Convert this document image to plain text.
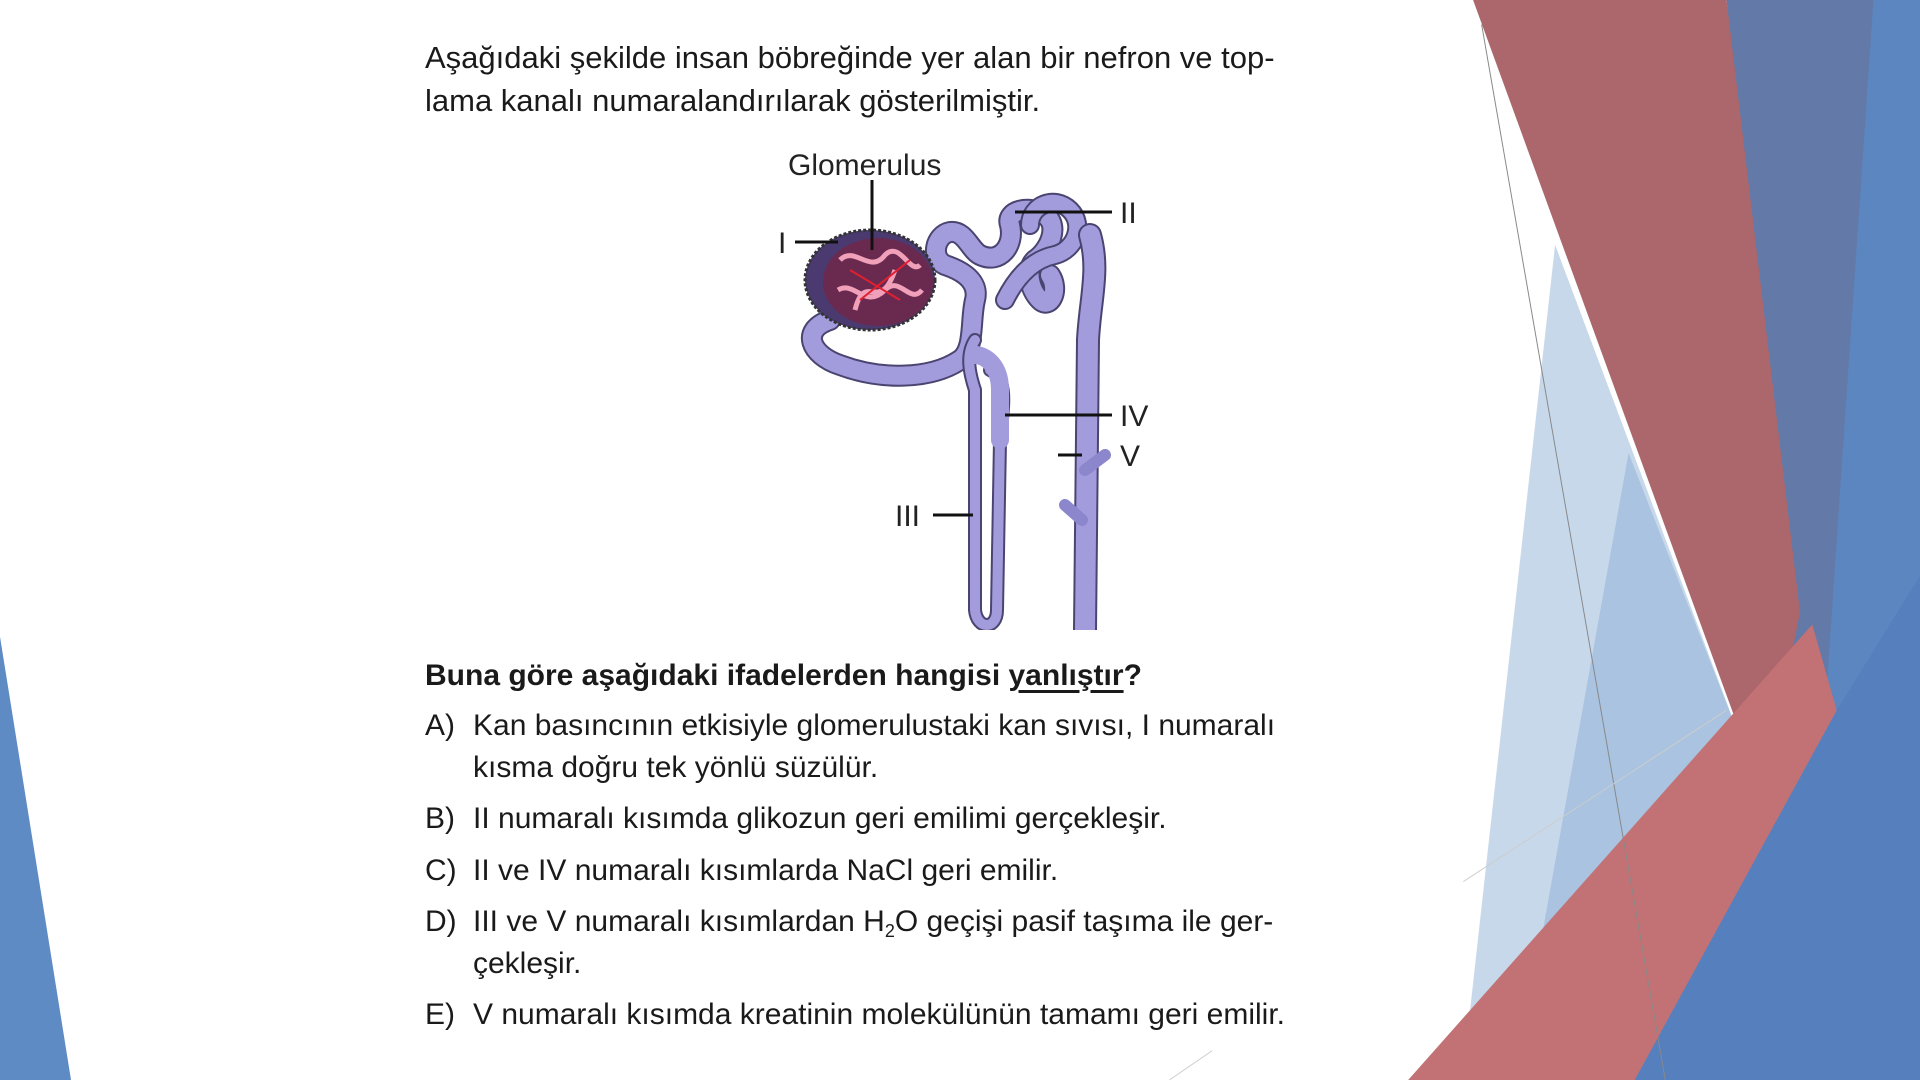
Aşağıdaki şekilde insan böbreğinde yer alan bir nefron ve top-
lama kanalı numaralandırılarak gösterilmiştir.
Buna göre aşağıdaki ifadelerden hangisi yanlıştır?
A) Kan basıncının etkisiyle glomerulustaki kan sıvısı, I numaralı
kısma doğru tek yönlü süzülür.
B) II numaralı kısımda glikozun geri emilimi gerçekleşir.
C) II ve IV numaralı kısımlarda NaCl geri emilir.
D) III ve V numaralı kısımlardan $H_2O$ geçişi pasif taşıma ile ger-
çekleşir.
E) V numaralı kısımda kreatinin molekülünün tamamı geri emilir.
Glomerulus
I
II
III
IV
V
